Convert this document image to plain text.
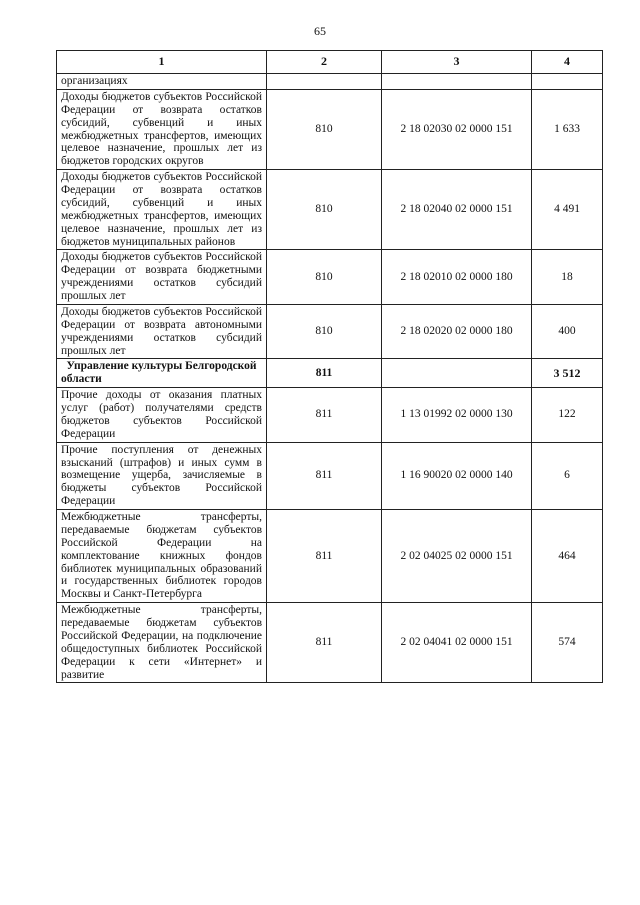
65
1	2	3	4
организациях			
Доходы бюджетов субъектов Российской Федерации от возврата остатков субсидий, субвенций и иных межбюджетных трансфертов, имеющих целевое назначение, прошлых лет из бюджетов городских округов	810	2 18 02030 02 0000 151	1 633
Доходы бюджетов субъектов Российской Федерации от возврата остатков субсидий, субвенций и иных межбюджетных трансфертов, имеющих целевое назначение, прошлых лет из бюджетов муниципальных районов	810	2 18 02040 02 0000 151	4 491
Доходы бюджетов субъектов Российской Федерации от возврата бюджетными учреждениями остатков субсидий прошлых лет	810	2 18 02010 02 0000 180	18
Доходы бюджетов субъектов Российской Федерации от возврата автономными учреждениями остатков субсидий прошлых лет	810	2 18 02020 02 0000 180	400
Управление культуры Белгородской области	811		3 512
Прочие доходы от оказания платных услуг (работ) получателями средств бюджетов субъектов Российской Федерации	811	1 13 01992 02 0000 130	122
Прочие поступления от денежных взысканий (штрафов) и иных сумм в возмещение ущерба, зачисляемые в бюджеты субъектов Российской Федерации	811	1 16 90020 02 0000 140	6
Межбюджетные трансферты, передаваемые бюджетам субъектов Российской Федерации на комплектование книжных фондов библиотек муниципальных образований и государственных библиотек городов Москвы и Санкт-Петербурга	811	2 02 04025 02 0000 151	464
Межбюджетные трансферты, передаваемые бюджетам субъектов Российской Федерации, на подключение общедоступных библиотек Российской Федерации к сети «Интернет» и развитие	811	2 02 04041 02 0000 151	574
